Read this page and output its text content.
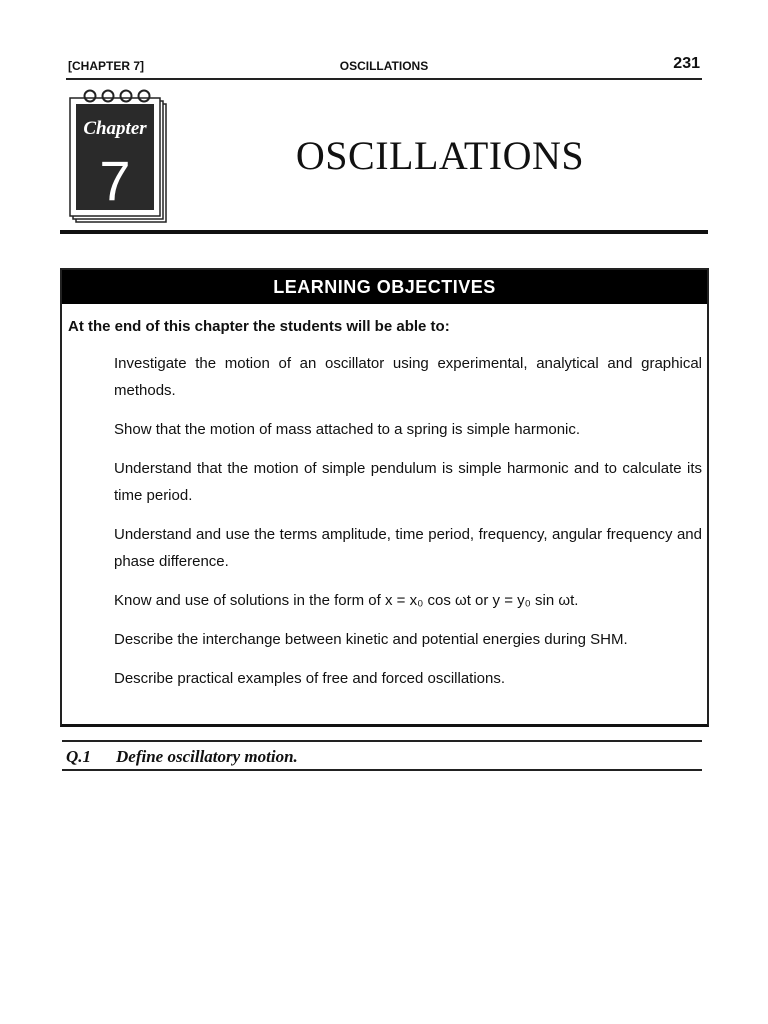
[CHAPTER 7]	OSCILLATIONS	231
Chapter
7	OSCILLATIONS
LEARNING OBJECTIVES
At the end of this chapter the students will be able to:
Investigate the motion of an oscillator using experimental, analytical and graphical methods.
Show that the motion of mass attached to a spring is simple harmonic.
Understand that the motion of simple pendulum is simple harmonic and to calculate its time period.
Understand and use the terms amplitude, time period, frequency, angular frequency and phase difference.
Know and use of solutions in the form of x = x₀ cos ωt or y = y₀ sin ωt.
Describe the interchange between kinetic and potential energies during SHM.
Describe practical examples of free and forced oscillations.
Q.1 Define oscillatory motion.
